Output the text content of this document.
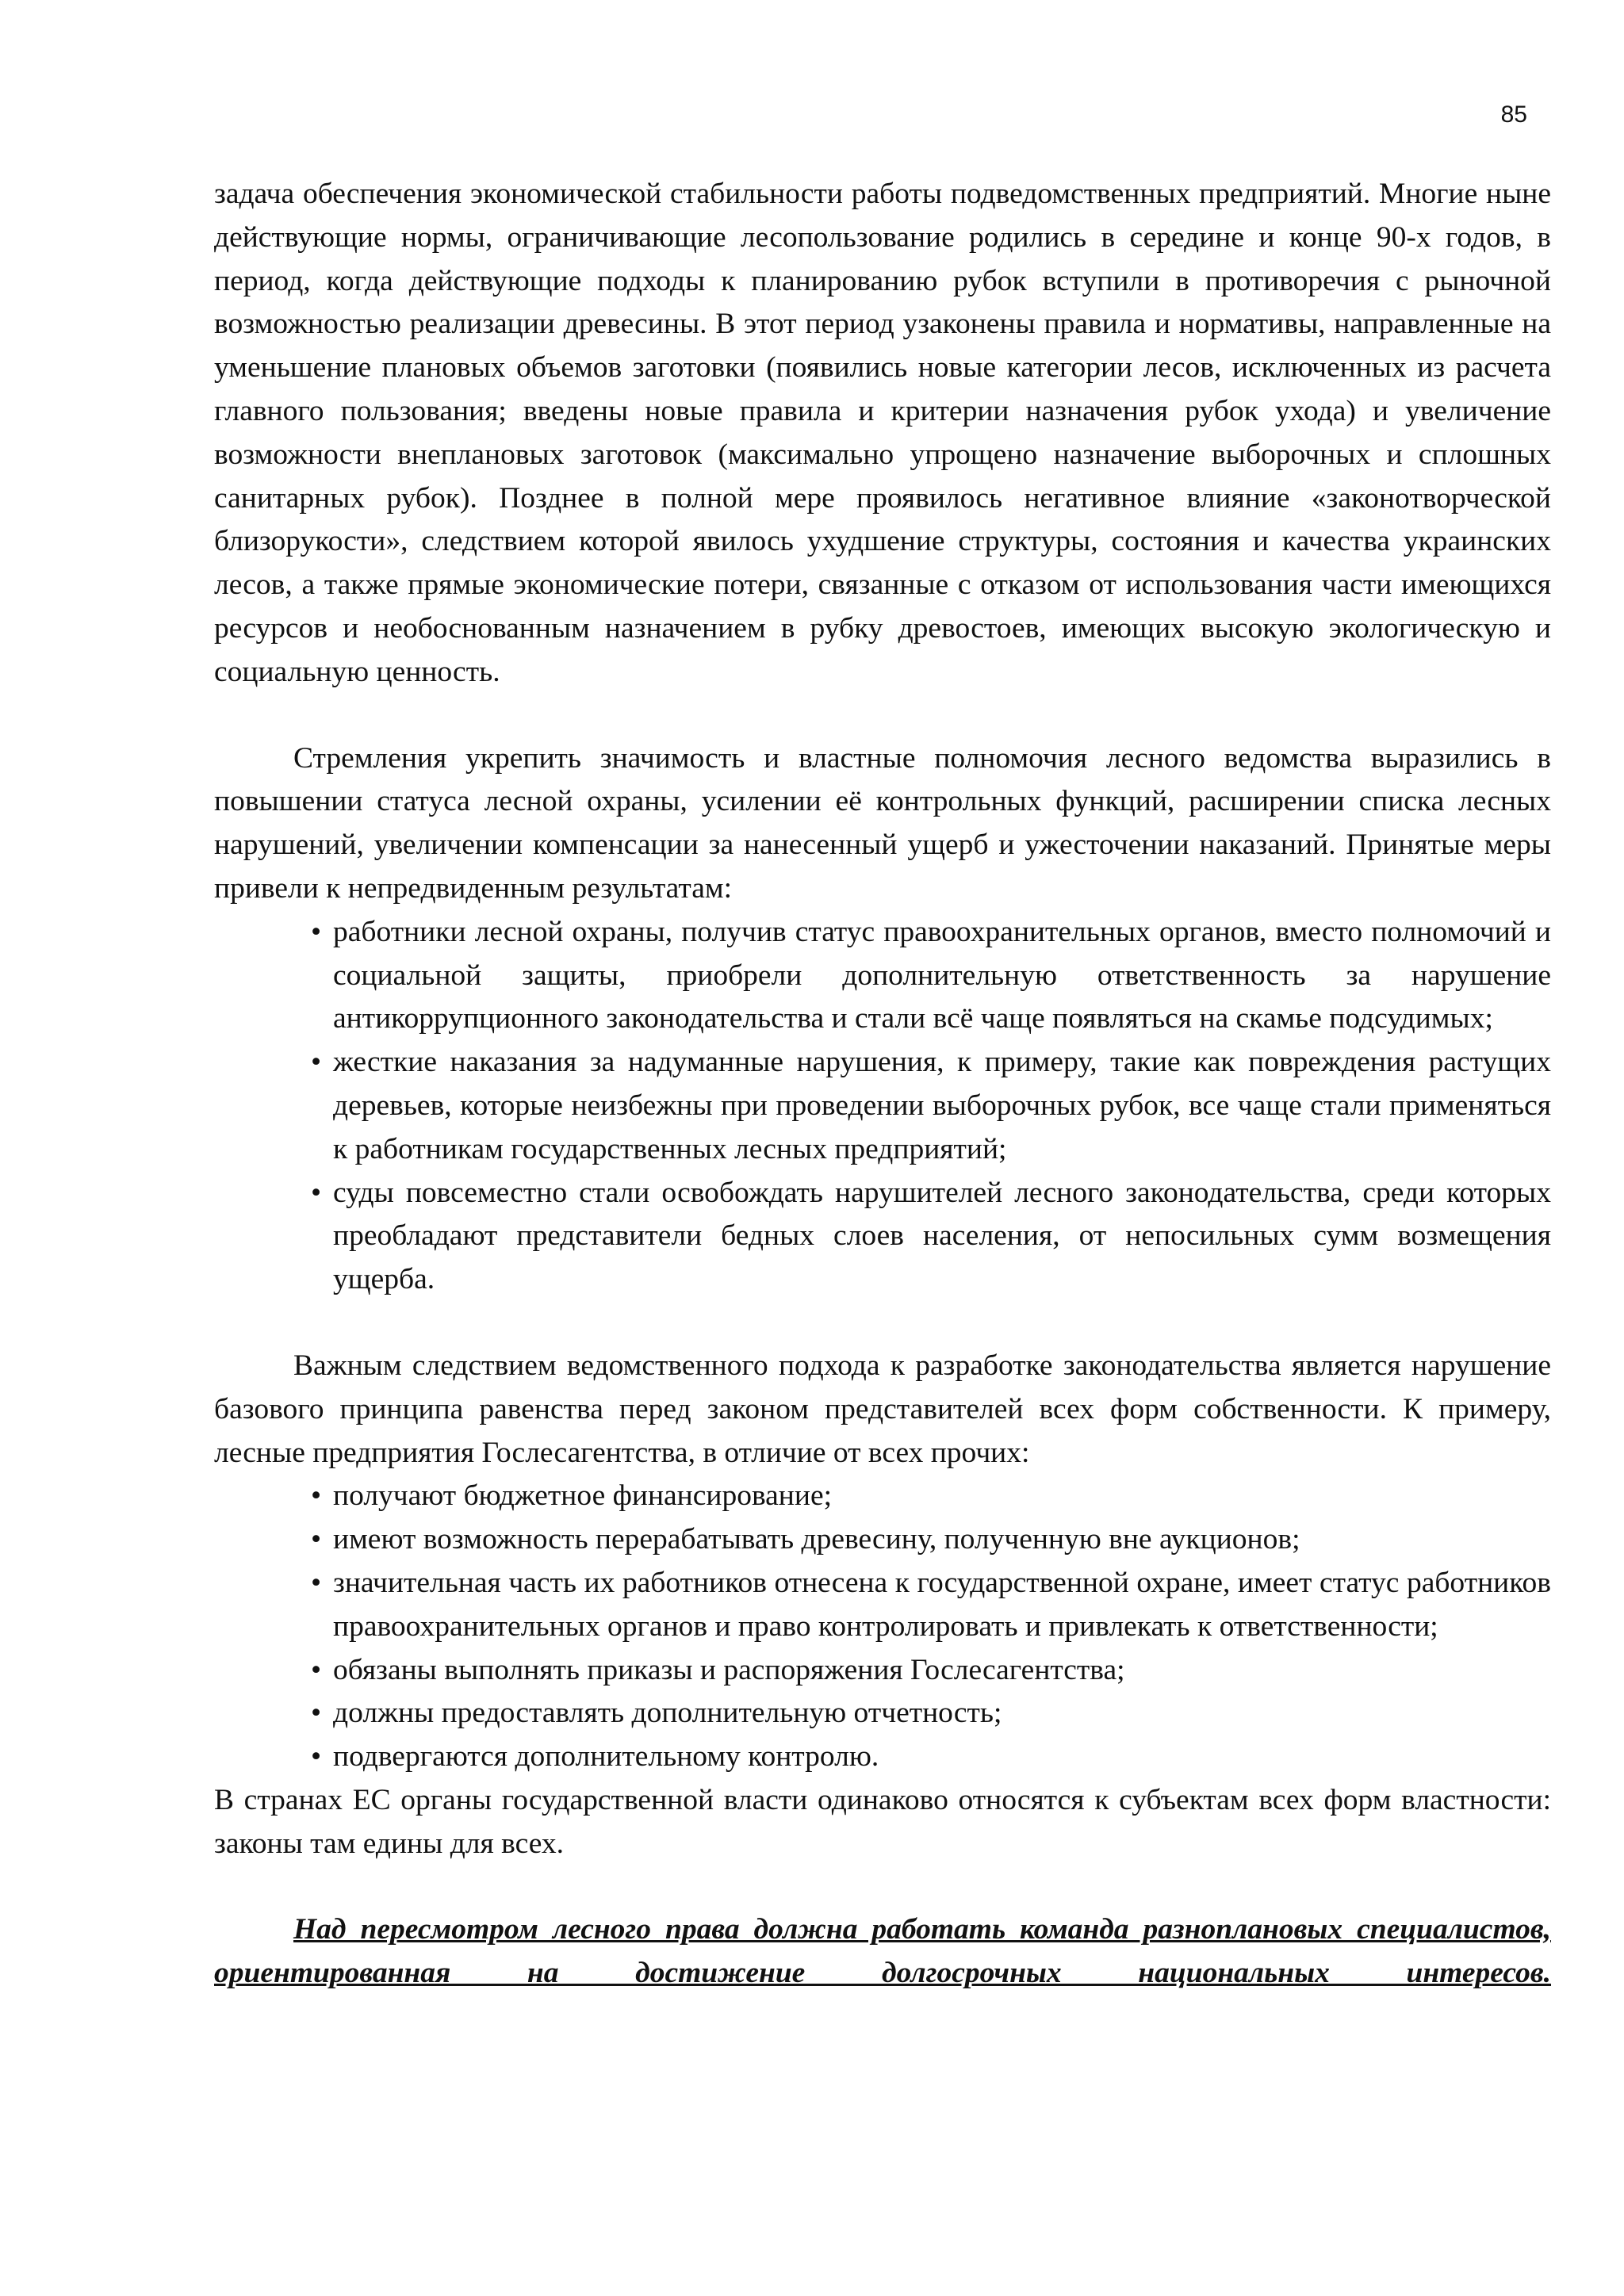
85

задача обеспечения экономической стабильности работы подведомственных предприятий. Многие ныне действующие нормы, ограничивающие лесопользование родились в середине и конце 90-х годов, в период, когда действующие подходы к планированию рубок вступили в противоречия с рыночной возможностью реализации древесины. В этот период узаконены правила и нормативы, направленные на уменьшение плановых объемов заготовки (появились новые категории лесов, исключенных из расчета главного пользования; введены новые правила и критерии назначения рубок ухода) и увеличение возможности внеплановых заготовок (максимально упрощено назначение выборочных и сплошных санитарных рубок). Позднее в полной мере проявилось негативное влияние «законотворческой близорукости», следствием которой явилось ухудшение структуры, состояния и качества украинских лесов, а также прямые экономические потери, связанные с отказом от использования части имеющихся ресурсов и необоснованным назначением в рубку древостоев, имеющих высокую экологическую и социальную ценность.

Стремления укрепить значимость и властные полномочия лесного ведомства выразились в повышении статуса лесной охраны, усилении её контрольных функций, расширении списка лесных нарушений, увеличении компенсации за нанесенный ущерб и ужесточении наказаний. Принятые меры привели к непредвиденным результатам:

• работники лесной охраны, получив статус правоохранительных органов, вместо полномочий и социальной защиты, приобрели дополнительную ответственность за нарушение антикоррупционного законодательства и стали всё чаще появляться на скамье подсудимых;
• жесткие наказания за надуманные нарушения, к примеру, такие как повреждения растущих деревьев, которые неизбежны при проведении выборочных рубок, все чаще стали применяться к работникам государственных лесных предприятий;
• суды повсеместно стали освобождать нарушителей лесного законодательства, среди которых преобладают представители бедных слоев населения, от непосильных сумм возмещения ущерба.

Важным следствием ведомственного подхода к разработке законодательства является нарушение базового принципа равенства перед законом представителей всех форм собственности. К примеру, лесные предприятия Гослесагентства, в отличие от всех прочих:

• получают бюджетное финансирование;
• имеют возможность перерабатывать древесину, полученную вне аукционов;
• значительная часть их работников отнесена к государственной охране, имеет статус работников правоохранительных органов и право контролировать и привлекать к ответственности;
• обязаны выполнять приказы и распоряжения Гослесагентства;
• должны предоставлять дополнительную отчетность;
• подвергаются дополнительному контролю.

В странах ЕС органы государственной власти одинаково относятся к субъектам всех форм властности: законы там едины для всех.

Над пересмотром лесного права должна работать команда разноплановых специалистов, ориентированная на достижение долгосрочных национальных интересов.
